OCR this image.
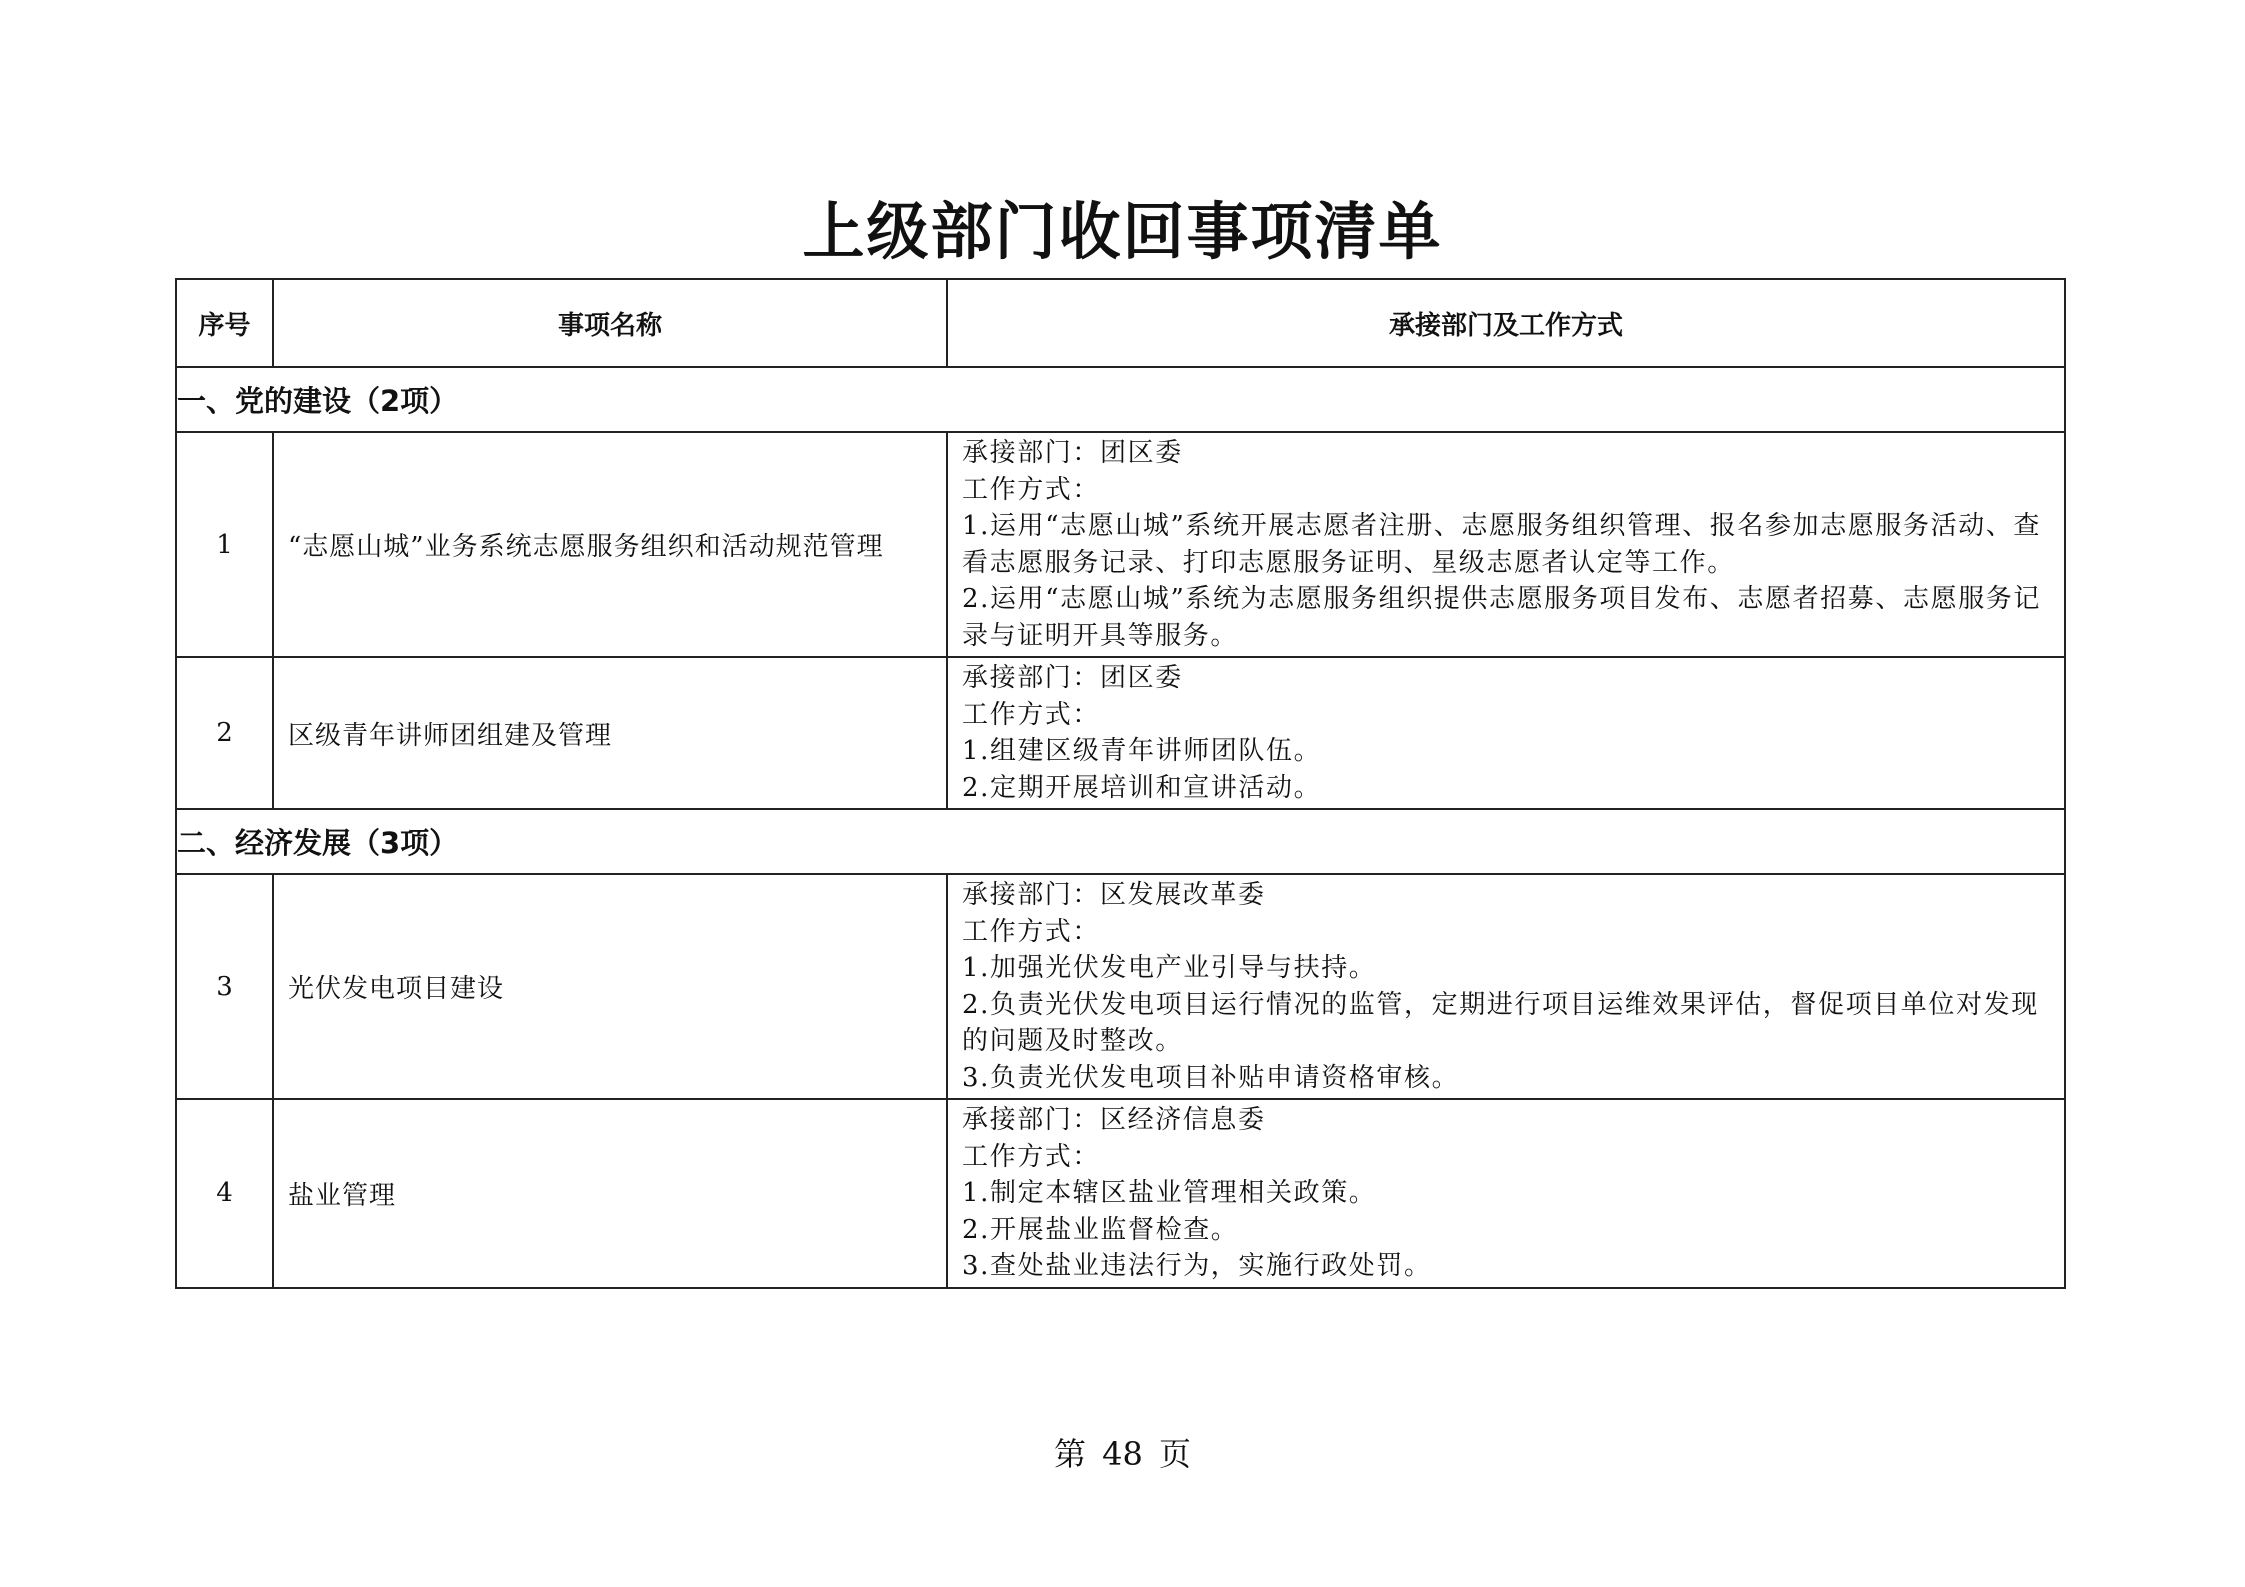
上级部门收回事项清单
序号	事项名称	承接部门及工作方式
一、党的建设（2项）		
1	“志愿山城”业务系统志愿服务组织和活动规范管理	承接部门：团区委
工作方式：
1.运用“志愿山城”系统开展志愿者注册、志愿服务组织管理、报名参加志愿服务活动、查看志愿服务记录、打印志愿服务证明、星级志愿者认定等工作。
2.运用“志愿山城”系统为志愿服务组织提供志愿服务项目发布、志愿者招募、志愿服务记录与证明开具等服务。

2	区级青年讲师团组建及管理	承接部门：团区委
工作方式：
1.组建区级青年讲师团队伍。
2.定期开展培训和宣讲活动。

二、经济发展（3项）		
3	光伏发电项目建设	承接部门：区发展改革委
工作方式：
1.加强光伏发电产业引导与扶持。
2.负责光伏发电项目运行情况的监管，定期进行项目运维效果评估，督促项目单位对发现的问题及时整改。
3.负责光伏发电项目补贴申请资格审核。

4	盐业管理	承接部门：区经济信息委
工作方式：
1.制定本辖区盐业管理相关政策。
2.开展盐业监督检查。
3.查处盐业违法行为，实施行政处罚。
第 48 页
